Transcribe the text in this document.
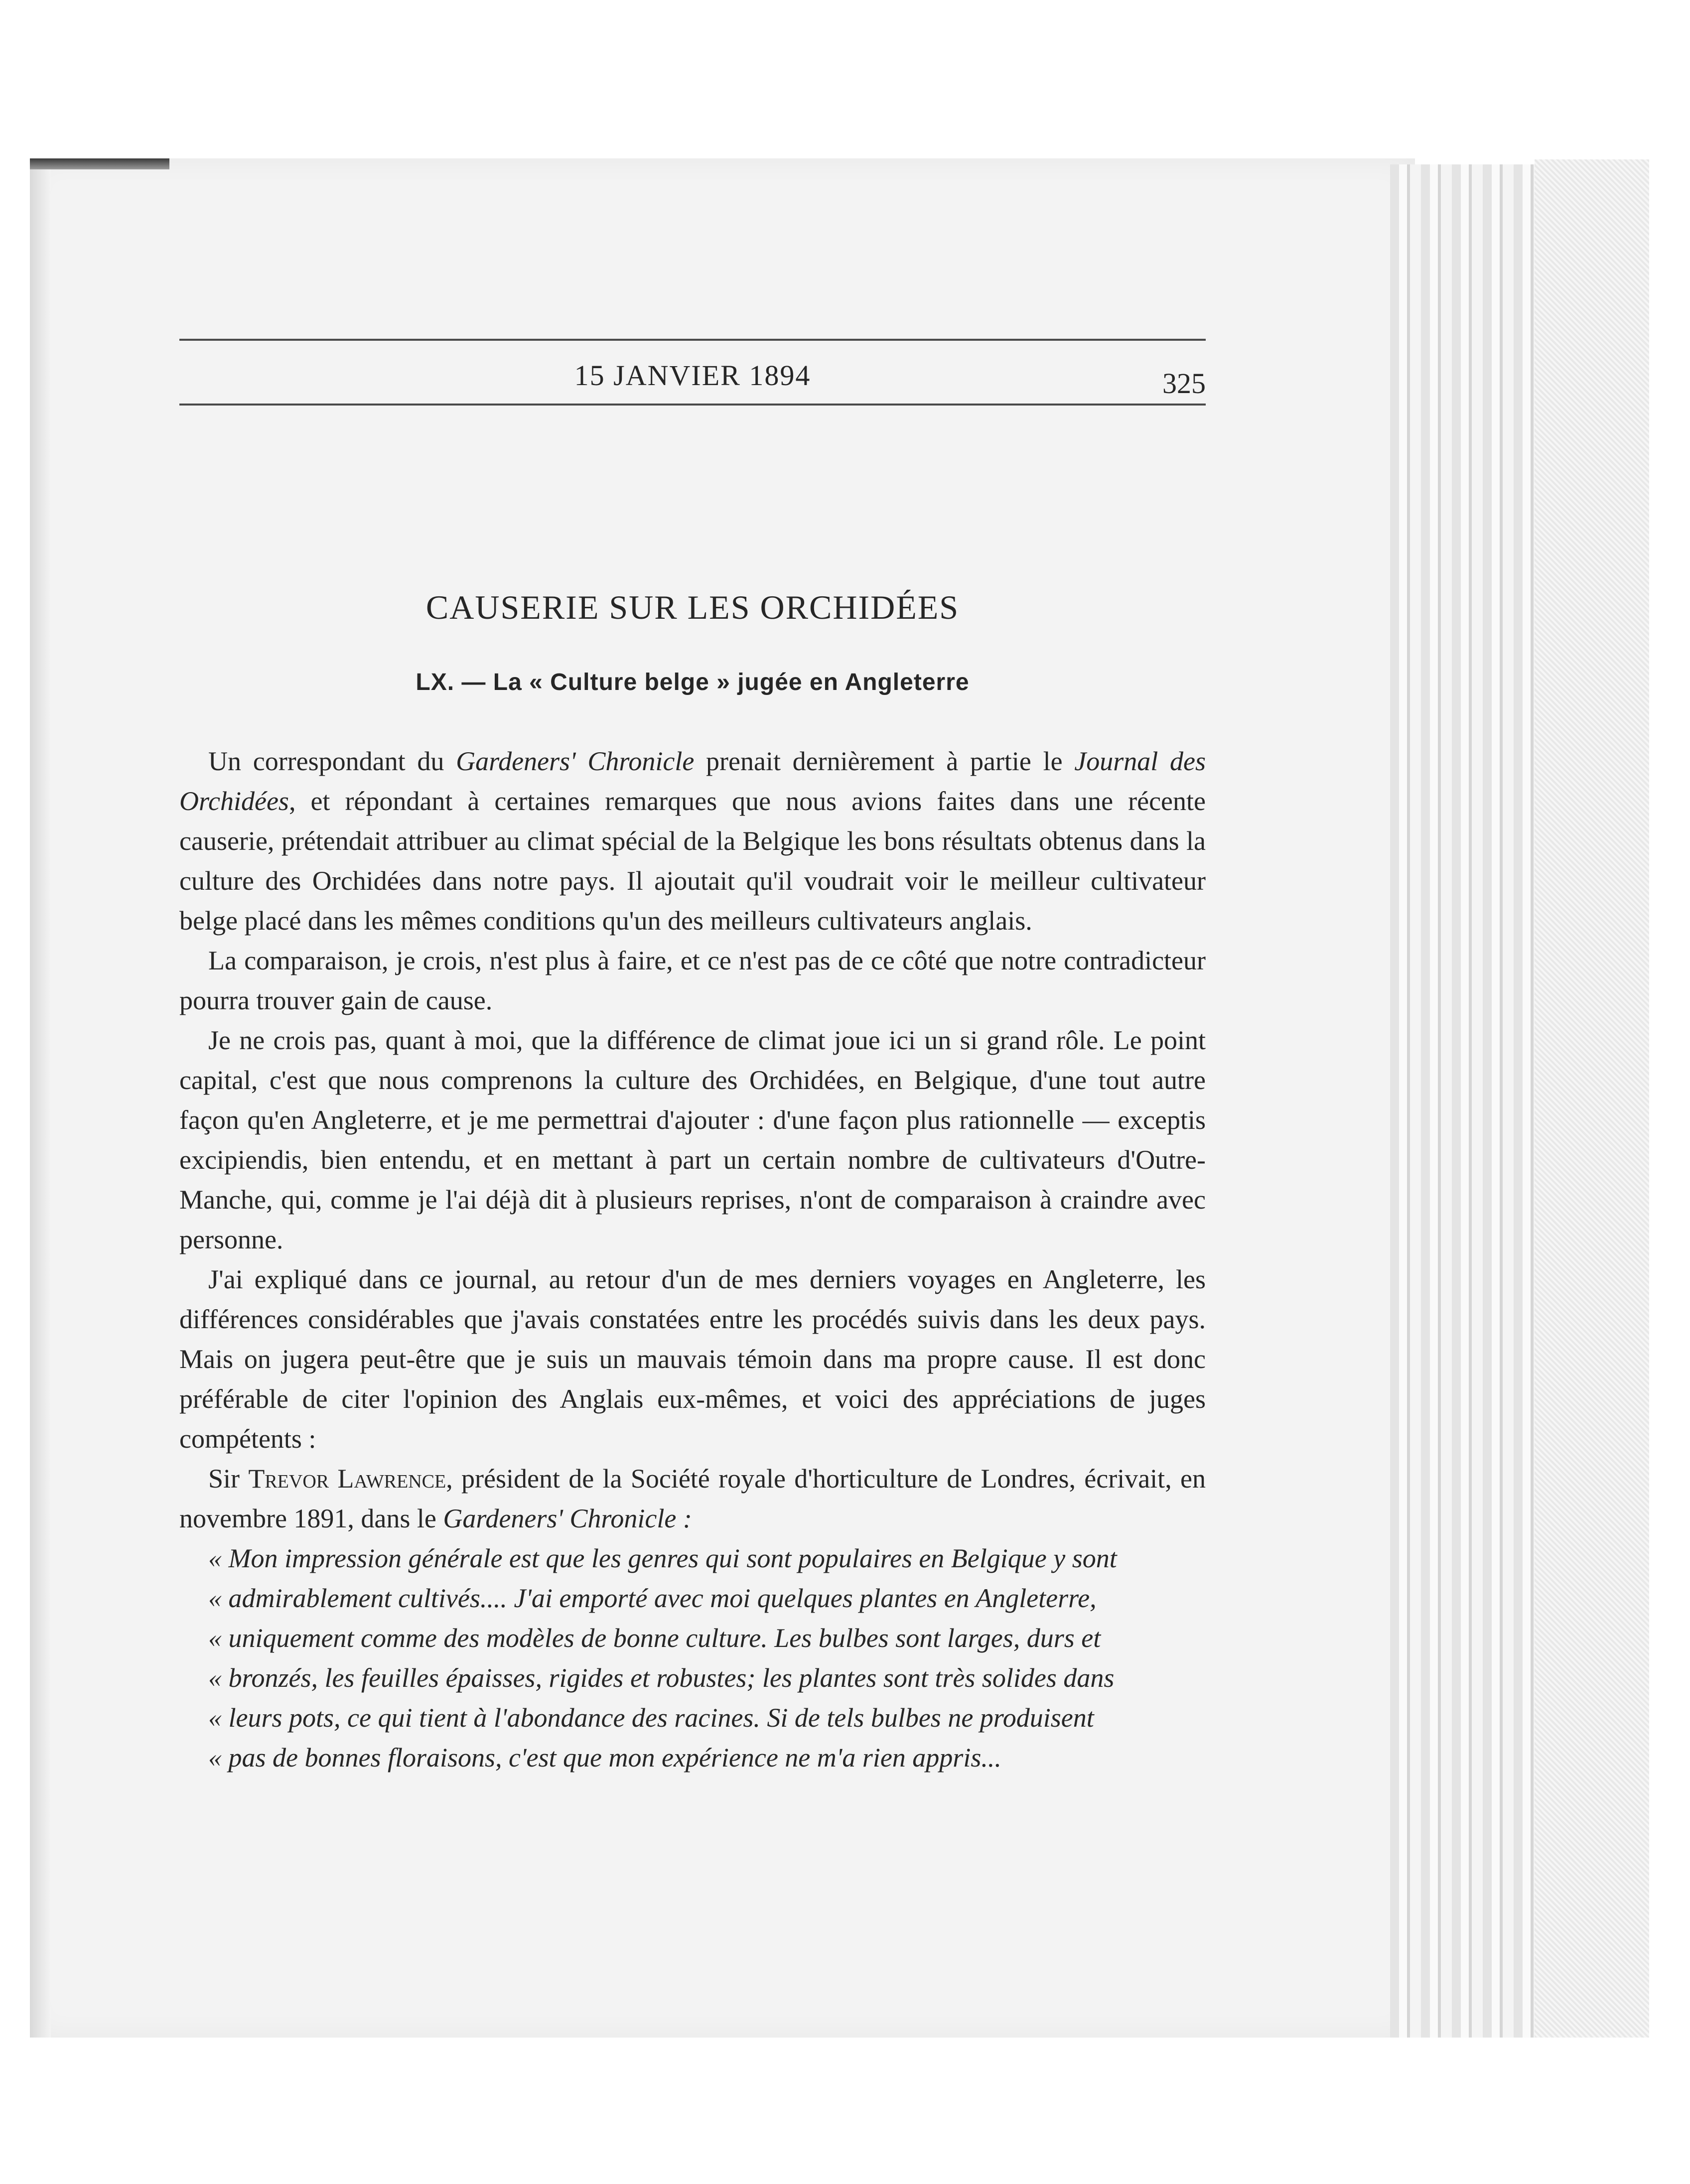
15 JANVIER 1894	325
CAUSERIE SUR LES ORCHIDÉES
LX. — La « Culture belge » jugée en Angleterre

Un correspondant du Gardeners' Chronicle prenait dernièrement à partie le Journal des Orchidées, et répondant à certaines remarques que nous avions faites dans une récente causerie, prétendait attribuer au climat spécial de la Belgique les bons résultats obtenus dans la culture des Orchidées dans notre pays. Il ajoutait qu'il voudrait voir le meilleur cultivateur belge placé dans les mêmes conditions qu'un des meilleurs cultivateurs anglais.

La comparaison, je crois, n'est plus à faire, et ce n'est pas de ce côté que notre contradicteur pourra trouver gain de cause.

Je ne crois pas, quant à moi, que la différence de climat joue ici un si grand rôle. Le point capital, c'est que nous comprenons la culture des Orchidées, en Belgique, d'une tout autre façon qu'en Angleterre, et je me permettrai d'ajouter : d'une façon plus rationnelle — exceptis excipiendis, bien entendu, et en mettant à part un certain nombre de cultivateurs d'Outre-Manche, qui, comme je l'ai déjà dit à plusieurs reprises, n'ont de comparaison à craindre avec personne.

J'ai expliqué dans ce journal, au retour d'un de mes derniers voyages en Angleterre, les différences considérables que j'avais constatées entre les procédés suivis dans les deux pays. Mais on jugera peut-être que je suis un mauvais témoin dans ma propre cause. Il est donc préférable de citer l'opinion des Anglais eux-mêmes, et voici des appréciations de juges compétents :

Sir Trevor Lawrence, président de la Société royale d'horticulture de Londres, écrivait, en novembre 1891, dans le Gardeners' Chronicle :

« Mon impression générale est que les genres qui sont populaires en Belgique y sont
« admirablement cultivés.... J'ai emporté avec moi quelques plantes en Angleterre,
« uniquement comme des modèles de bonne culture. Les bulbes sont larges, durs et
« bronzés, les feuilles épaisses, rigides et robustes; les plantes sont très solides dans
« leurs pots, ce qui tient à l'abondance des racines. Si de tels bulbes ne produisent
« pas de bonnes floraisons, c'est que mon expérience ne m'a rien appris...
